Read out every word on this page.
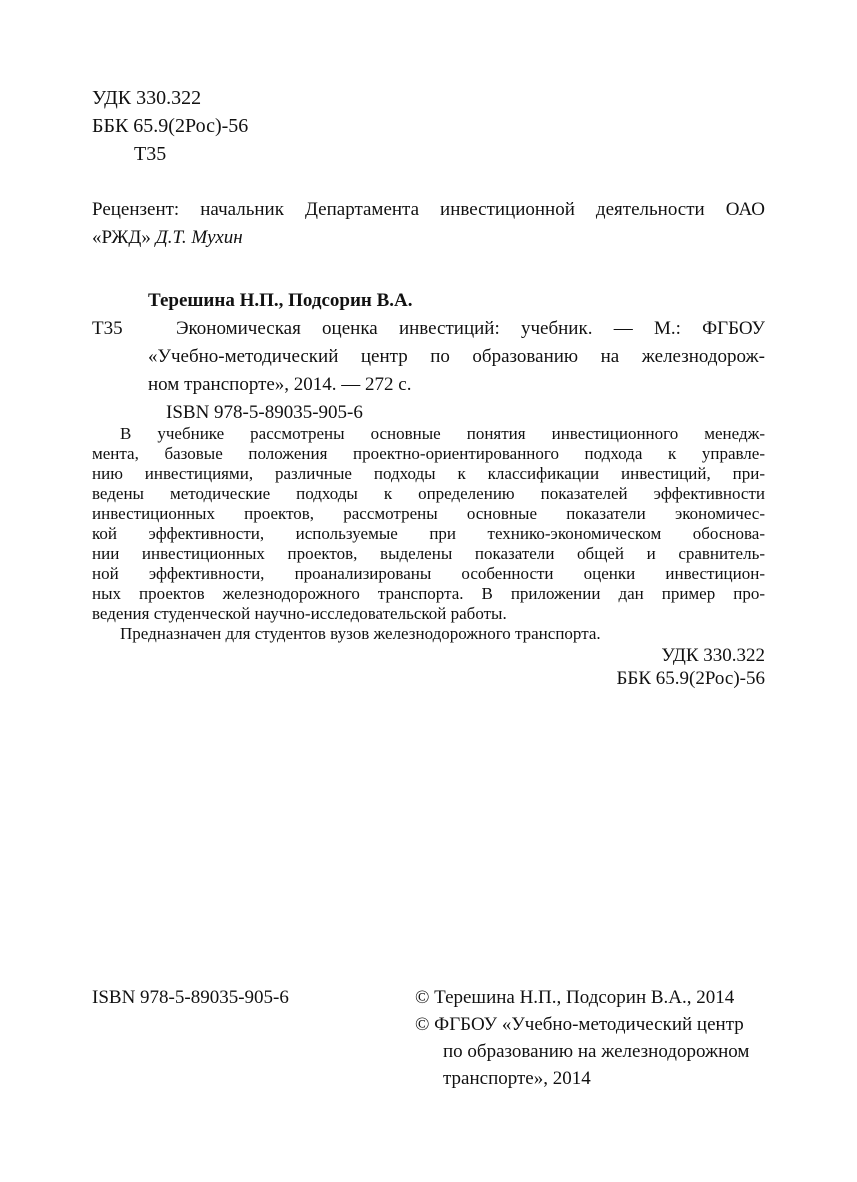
УДК 330.322
ББК 65.9(2Рос)-56
Т35
Рецензент: начальник Департамента инвестиционной деятельности ОАО
«РЖД» Д.Т. Мухин
Терешина Н.П., Подсорин В.А.
Т35	Экономическая оценка инвестиций: учебник. — М.: ФГБОУ
«Учебно-методический центр по образованию на железнодорож-
ном транспорте», 2014. — 272 с.
ISBN 978-5-89035-905-6
В учебнике рассмотрены основные понятия инвестиционного менедж-
мента, базовые положения проектно-ориентированного подхода к управле-
нию инвестициями, различные подходы к классификации инвестиций, при-
ведены методические подходы к определению показателей эффективности
инвестиционных проектов, рассмотрены основные показатели экономичес-
кой эффективности, используемые при технико-экономическом обоснова-
нии инвестиционных проектов, выделены показатели общей и сравнитель-
ной эффективности, проанализированы особенности оценки инвестицион-
ных проектов железнодорожного транспорта. В приложении дан пример про-
ведения студенческой научно-исследовательской работы.
Предназначен для студентов вузов железнодорожного транспорта.
УДК 330.322
ББК 65.9(2Рос)-56
ISBN 978-5-89035-905-6	© Терешина Н.П., Подсорин В.А., 2014
© ФГБОУ «Учебно-методический центр
по образованию на железнодорожном
транспорте», 2014
